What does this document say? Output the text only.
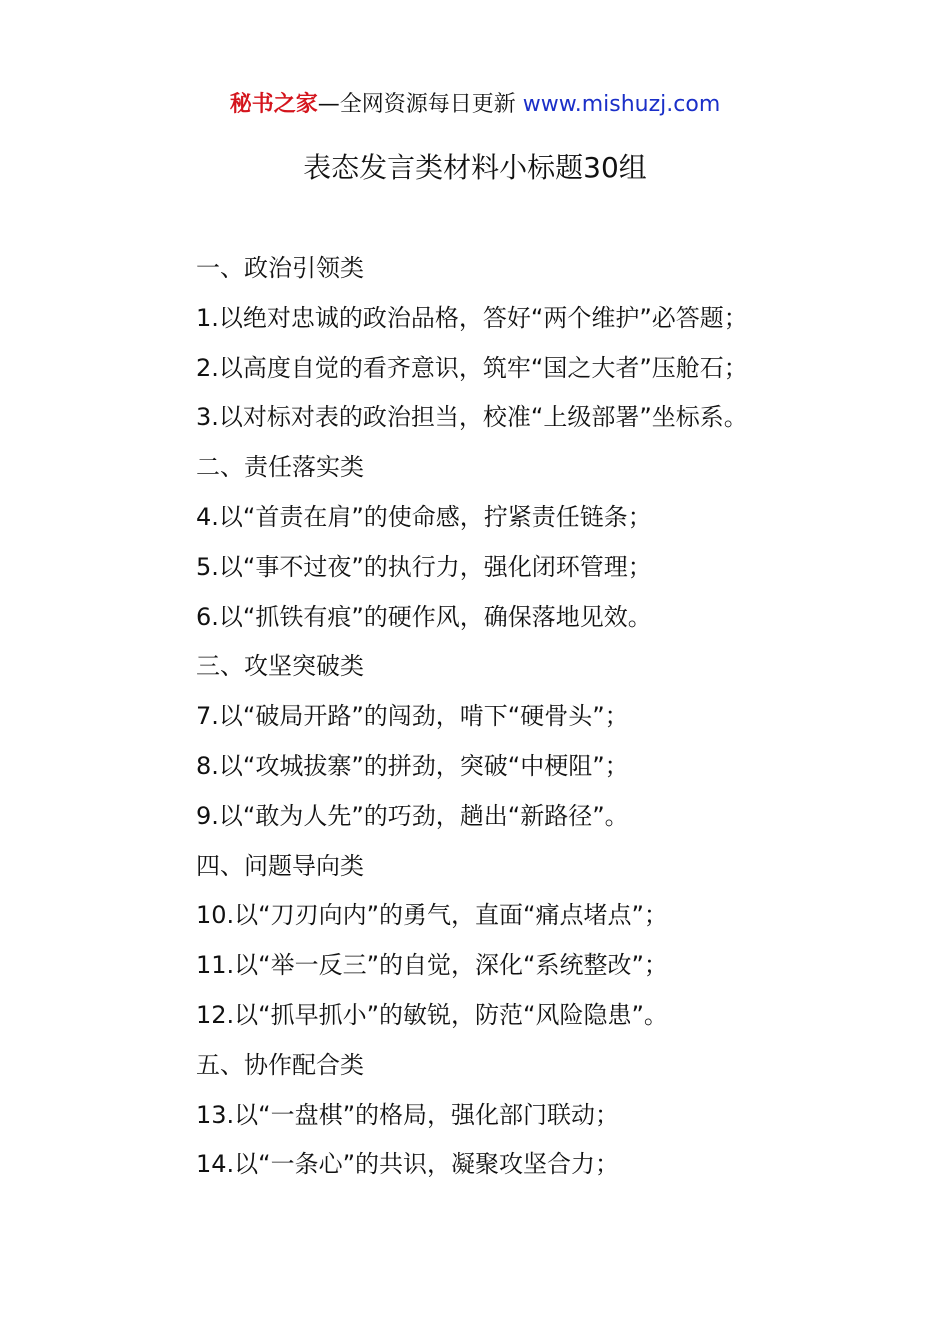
秘书之家—全网资源每日更新 www.mishuzj.com
表态发言类材料小标题30组
一、政治引领类
1.以绝对忠诚的政治品格，答好“两个维护”必答题；
2.以高度自觉的看齐意识，筑牢“国之大者”压舱石；
3.以对标对表的政治担当，校准“上级部署”坐标系。
二、责任落实类
4.以“首责在肩”的使命感，拧紧责任链条；
5.以“事不过夜”的执行力，强化闭环管理；
6.以“抓铁有痕”的硬作风，确保落地见效。
三、攻坚突破类
7.以“破局开路”的闯劲，啃下“硬骨头”；
8.以“攻城拔寨”的拼劲，突破“中梗阻”；
9.以“敢为人先”的巧劲，趟出“新路径”。
四、问题导向类
10.以“刀刃向内”的勇气，直面“痛点堵点”；
11.以“举一反三”的自觉，深化“系统整改”；
12.以“抓早抓小”的敏锐，防范“风险隐患”。
五、协作配合类
13.以“一盘棋”的格局，强化部门联动；
14.以“一条心”的共识，凝聚攻坚合力；
